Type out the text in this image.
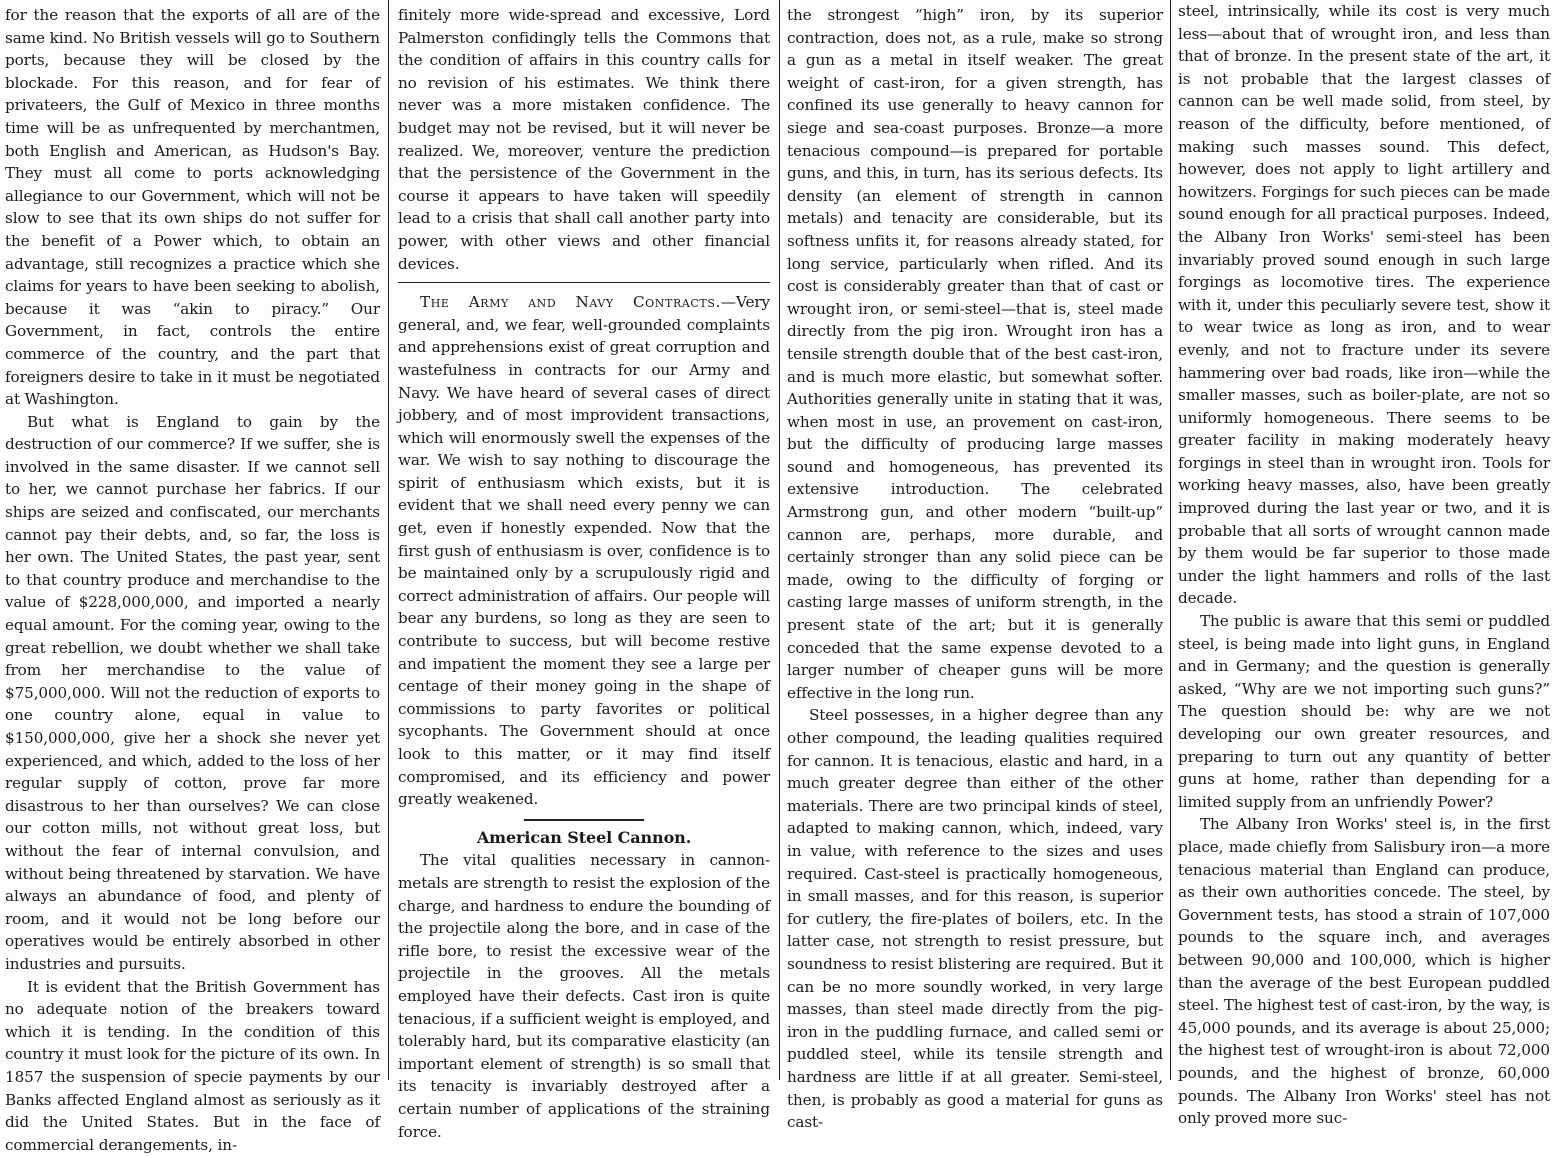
for the reason that the exports of all are of the same kind. No British vessels will go to Southern ports, because they will be closed by the blockade. For this reason, and for fear of privateers, the Gulf of Mexico in three months time will be as unfrequented by merchantmen, both English and American, as Hudson's Bay. They must all come to ports acknowledging allegiance to our Government, which will not be slow to see that its own ships do not suffer for the benefit of a Power which, to obtain an advantage, still recognizes a practice which she claims for years to have been seeking to abolish, because it was “akin to piracy.” Our Government, in fact, controls the entire commerce of the country, and the part that foreigners desire to take in it must be negotiated at Washington.

But what is England to gain by the destruction of our commerce? If we suffer, she is involved in the same disaster. If we cannot sell to her, we cannot purchase her fabrics. If our ships are seized and confiscated, our merchants cannot pay their debts, and, so far, the loss is her own. The United States, the past year, sent to that country produce and merchandise to the value of $228,000,000, and imported a nearly equal amount. For the coming year, owing to the great rebellion, we doubt whether we shall take from her merchandise to the value of $75,000,000. Will not the reduction of exports to one country alone, equal in value to $150,000,000, give her a shock she never yet experienced, and which, added to the loss of her regular supply of cotton, prove far more disastrous to her than ourselves? We can close our cotton mills, not without great loss, but without the fear of internal convulsion, and without being threatened by starvation. We have always an abundance of food, and plenty of room, and it would not be long before our operatives would be entirely absorbed in other industries and pursuits.

It is evident that the British Government has no adequate notion of the breakers toward which it is tending. In the condition of this country it must look for the picture of its own. In 1857 the suspension of specie payments by our Banks affected England almost as seriously as it did the United States. But in the face of commercial derangements, in-

finitely more wide-spread and excessive, Lord Palmerston confidingly tells the Commons that the condition of affairs in this country calls for no revision of his estimates. We think there never was a more mistaken confidence. The budget may not be revised, but it will never be realized. We, moreover, venture the prediction that the persistence of the Government in the course it appears to have taken will speedily lead to a crisis that shall call another party into power, with other views and other financial devices.

The Army and Navy Contracts.—Very general, and, we fear, well-grounded complaints and apprehensions exist of great corruption and wastefulness in contracts for our Army and Navy. We have heard of several cases of direct jobbery, and of most improvident transactions, which will enormously swell the expenses of the war. We wish to say nothing to discourage the spirit of enthusiasm which exists, but it is evident that we shall need every penny we can get, even if honestly expended. Now that the first gush of enthusiasm is over, confidence is to be maintained only by a scrupulously rigid and correct administration of affairs. Our people will bear any burdens, so long as they are seen to contribute to success, but will become restive and impatient the moment they see a large per centage of their money going in the shape of commissions to party favorites or political sycophants. The Government should at once look to this matter, or it may find itself compromised, and its efficiency and power greatly weakened.

American Steel Cannon.

The vital qualities necessary in cannon-metals are strength to resist the explosion of the charge, and hardness to endure the bounding of the projectile along the bore, and in case of the rifle bore, to resist the excessive wear of the projectile in the grooves. All the metals employed have their defects. Cast iron is quite tenacious, if a sufficient weight is employed, and tolerably hard, but its comparative elasticity (an important element of strength) is so small that its tenacity is invariably destroyed after a certain number of applications of the straining force.

the strongest “high” iron, by its superior contraction, does not, as a rule, make so strong a gun as a metal in itself weaker. The great weight of cast-iron, for a given strength, has confined its use generally to heavy cannon for siege and sea-coast purposes. Bronze—a more tenacious compound—is prepared for portable guns, and this, in turn, has its serious defects. Its density (an element of strength in cannon metals) and tenacity are considerable, but its softness unfits it, for reasons already stated, for long service, particularly when rifled. And its cost is considerably greater than that of cast or wrought iron, or semi-steel—that is, steel made directly from the pig iron. Wrought iron has a tensile strength double that of the best cast-iron, and is much more elastic, but somewhat softer. Authorities generally unite in stating that it was, when most in use, an provement on cast-iron, but the difficulty of producing large masses sound and homogeneous, has prevented its extensive introduction. The celebrated Armstrong gun, and other modern “built-up” cannon are, perhaps, more durable, and certainly stronger than any solid piece can be made, owing to the difficulty of forging or casting large masses of uniform strength, in the present state of the art; but it is generally conceded that the same expense devoted to a larger number of cheaper guns will be more effective in the long run.

Steel possesses, in a higher degree than any other compound, the leading qualities required for cannon. It is tenacious, elastic and hard, in a much greater degree than either of the other materials. There are two principal kinds of steel, adapted to making cannon, which, indeed, vary in value, with reference to the sizes and uses required. Cast-steel is practically homogeneous, in small masses, and for this reason, is superior for cutlery, the fire-plates of boilers, etc. In the latter case, not strength to resist pressure, but soundness to resist blistering are required. But it can be no more soundly worked, in very large masses, than steel made directly from the pig-iron in the puddling furnace, and called semi or puddled steel, while its tensile strength and hardness are little if at all greater. Semi-steel, then, is probably as good a material for guns as cast-

steel, intrinsically, while its cost is very much less—about that of wrought iron, and less than that of bronze. In the present state of the art, it is not probable that the largest classes of cannon can be well made solid, from steel, by reason of the difficulty, before mentioned, of making such masses sound. This defect, however, does not apply to light artillery and howitzers. Forgings for such pieces can be made sound enough for all practical purposes. Indeed, the Albany Iron Works' semi-steel has been invariably proved sound enough in such large forgings as locomotive tires. The experience with it, under this peculiarly severe test, show it to wear twice as long as iron, and to wear evenly, and not to fracture under its severe hammering over bad roads, like iron—while the smaller masses, such as boiler-plate, are not so uniformly homogeneous. There seems to be greater facility in making moderately heavy forgings in steel than in wrought iron. Tools for working heavy masses, also, have been greatly improved during the last year or two, and it is probable that all sorts of wrought cannon made by them would be far superior to those made under the light hammers and rolls of the last decade.

The public is aware that this semi or puddled steel, is being made into light guns, in England and in Germany; and the question is generally asked, “Why are we not importing such guns?” The question should be: why are we not developing our own greater resources, and preparing to turn out any quantity of better guns at home, rather than depending for a limited supply from an unfriendly Power?

The Albany Iron Works' steel is, in the first place, made chiefly from Salisbury iron—a more tenacious material than England can produce, as their own authorities concede. The steel, by Government tests, has stood a strain of 107,000 pounds to the square inch, and averages between 90,000 and 100,000, which is higher than the average of the best European puddled steel. The highest test of cast-iron, by the way, is 45,000 pounds, and its average is about 25,000; the highest test of wrought-iron is about 72,000 pounds, and the highest of bronze, 60,000 pounds. The Albany Iron Works' steel has not only proved more suc-
